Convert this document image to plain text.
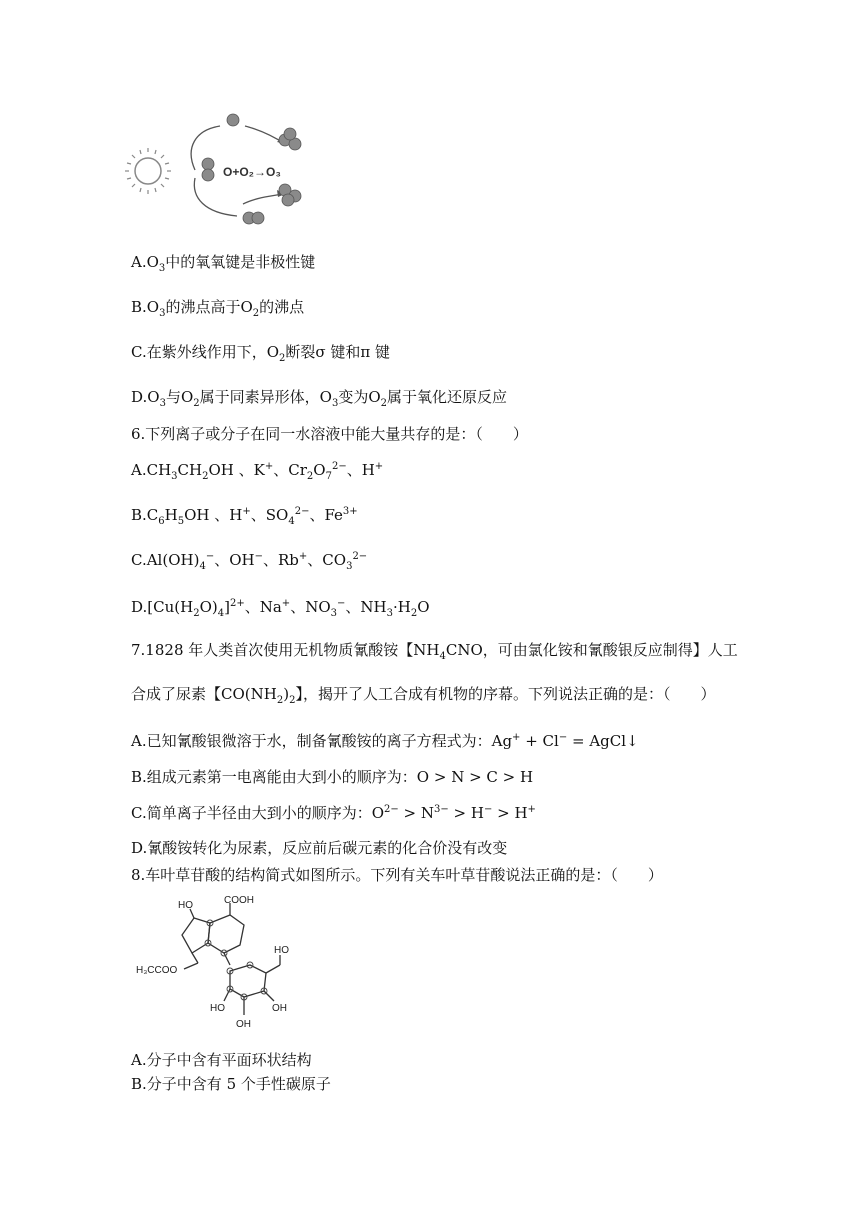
O+O₂→O₃
$A.O_3$中的氧氧键是非极性键
$B.O_3$的沸点高于$O_2$的沸点
C.在紫外线作用下，$O_2$断裂σ 键和π 键
$D.O_3$与$O_2$属于同素异形体，$O_3$变为$O_2$属于氧化还原反应
6.下列离子或分子在同一水溶液中能大量共存的是：（　　）
$A.CH_3CH_2OH$ 、K+、$Cr_2O_7^{2-}$、H+
$B.C_6H_5OH$ 、H+、$SO_4^{2-}$、$Fe^{3+}$
$C.Al(OH)_4^-$、OH−、Rb+、$CO_3^{2-}$
$D.[Cu(H_2O)_4]^{2+}$、Na+、$NO_3^-$、$NH_3\cdot H_2O$
7.1828 年人类首次使用无机物质氰酸铵【$NH_4CNO$，可由氯化铵和氰酸银反应制得】人工
合成了尿素【$CO(NH_2)_2$】，揭开了人工合成有机物的序幕。下列说法正确的是：（　　）
A.已知氰酸银微溶于水，制备氰酸铵的离子方程式为：Ag+ + Cl− = AgCl↓
B.组成元素第一电离能由大到小的顺序为：O > N > C > H
C.简单离子半径由大到小的顺序为：$O^{2-} > N^{3-} > H^- > H^+$
D.氰酸铵转化为尿素，反应前后碳元素的化合价没有改变
8.车叶草苷酸的结构简式如图所示。下列有关车叶草苷酸说法正确的是：（　　）
COOH
HO
H₃CCOO
HO
HO	OH
OH
A.分子中含有平面环状结构
B.分子中含有 5 个手性碳原子
